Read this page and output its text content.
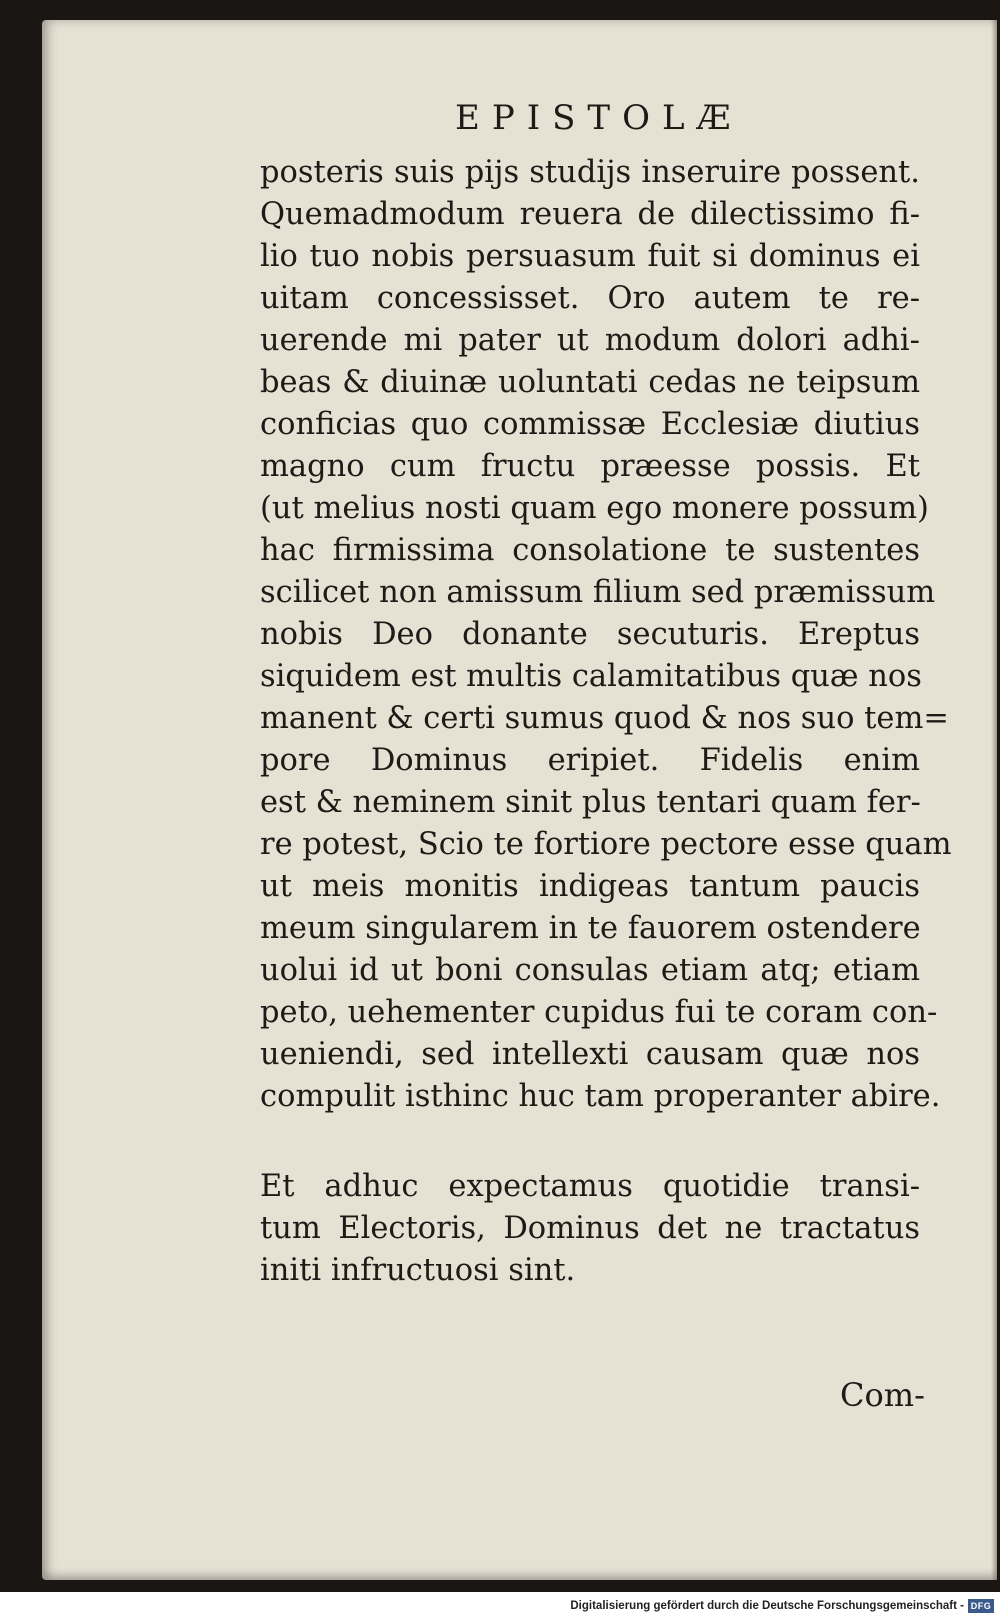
EPISTOLÆ
posteris suis pijs studijs inseruire possent.
Quemadmodum reuera de dilectissimo fi-
lio tuo nobis persuasum fuit si dominus ei
uitam concessisset. Oro autem te re-
uerende mi pater ut modum dolori adhi-
beas & diuinæ uoluntati cedas ne teipsum
conficias quo commissæ Ecclesiæ diutius
magno cum fructu præesse possis. Et
(ut melius nosti quam ego monere possum)
hac firmissima consolatione te sustentes
scilicet non amissum filium sed præmissum
nobis Deo donante secuturis. Ereptus
siquidem est multis calamitatibus quæ nos
manent & certi sumus quod & nos suo tem=
pore Dominus eripiet. Fidelis enim
est & neminem sinit plus tentari quam fer-
re potest, Scio te fortiore pectore esse quam
ut meis monitis indigeas tantum paucis
meum singularem in te fauorem ostendere
uolui id ut boni consulas etiam atq; etiam
peto, uehementer cupidus fui te coram con-
ueniendi, sed intellexti causam quæ nos
compulit isthinc huc tam properanter abire.
Et adhuc expectamus quotidie transi-
tum Electoris, Dominus det ne tractatus
initi infructuosi sint.
Com-
Digitalisierung gefördert durch die Deutsche Forschungsgemeinschaft - DFG
